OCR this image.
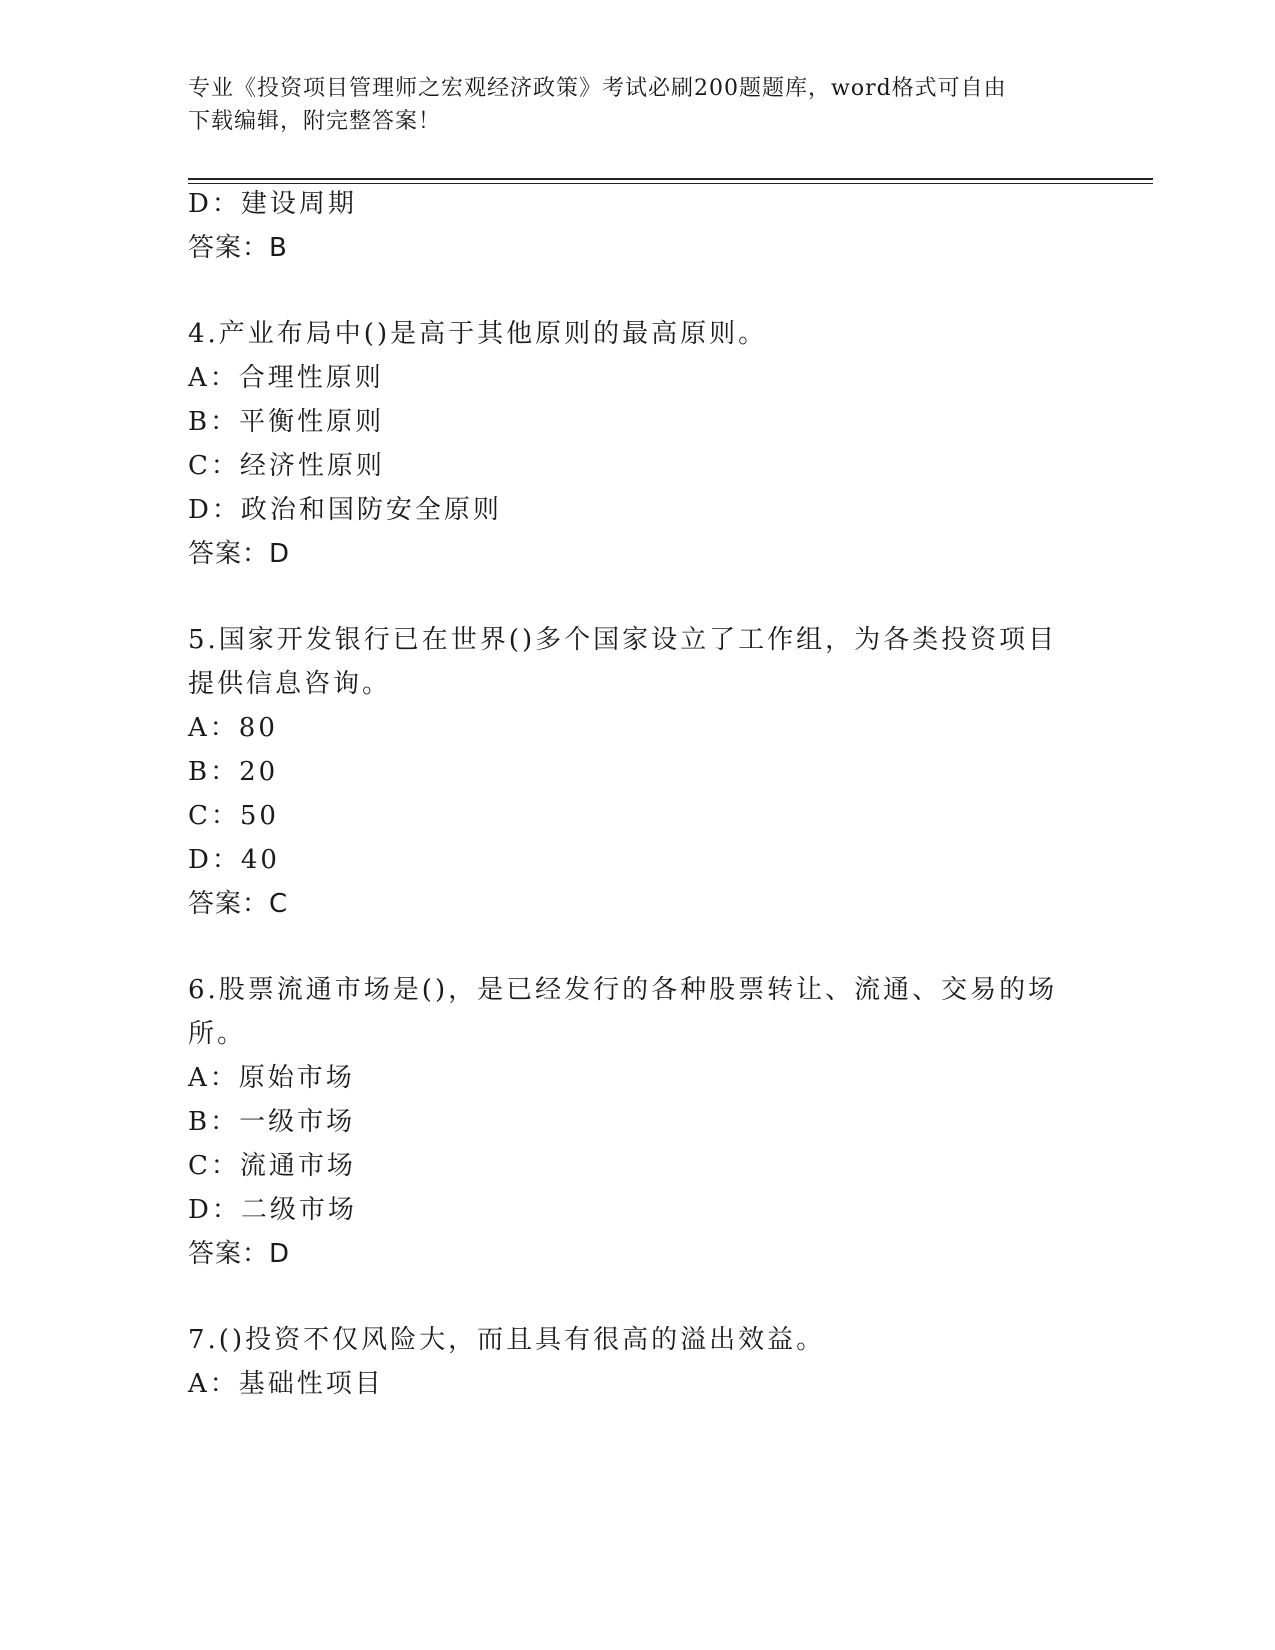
专业《投资项目管理师之宏观经济政策》考试必刷200题题库，word格式可自由
下载编辑，附完整答案！
D：建设周期
答案：B
4.产业布局中()是高于其他原则的最高原则。
A：合理性原则
B：平衡性原则
C：经济性原则
D：政治和国防安全原则
答案：D
5.国家开发银行已在世界()多个国家设立了工作组，为各类投资项目
提供信息咨询。
A：80
B：20
C：50
D：40
答案：C
6.股票流通市场是()，是已经发行的各种股票转让、流通、交易的场
所。
A：原始市场
B：一级市场
C：流通市场
D：二级市场
答案：D
7.()投资不仅风险大，而且具有很高的溢出效益。
A：基础性项目
